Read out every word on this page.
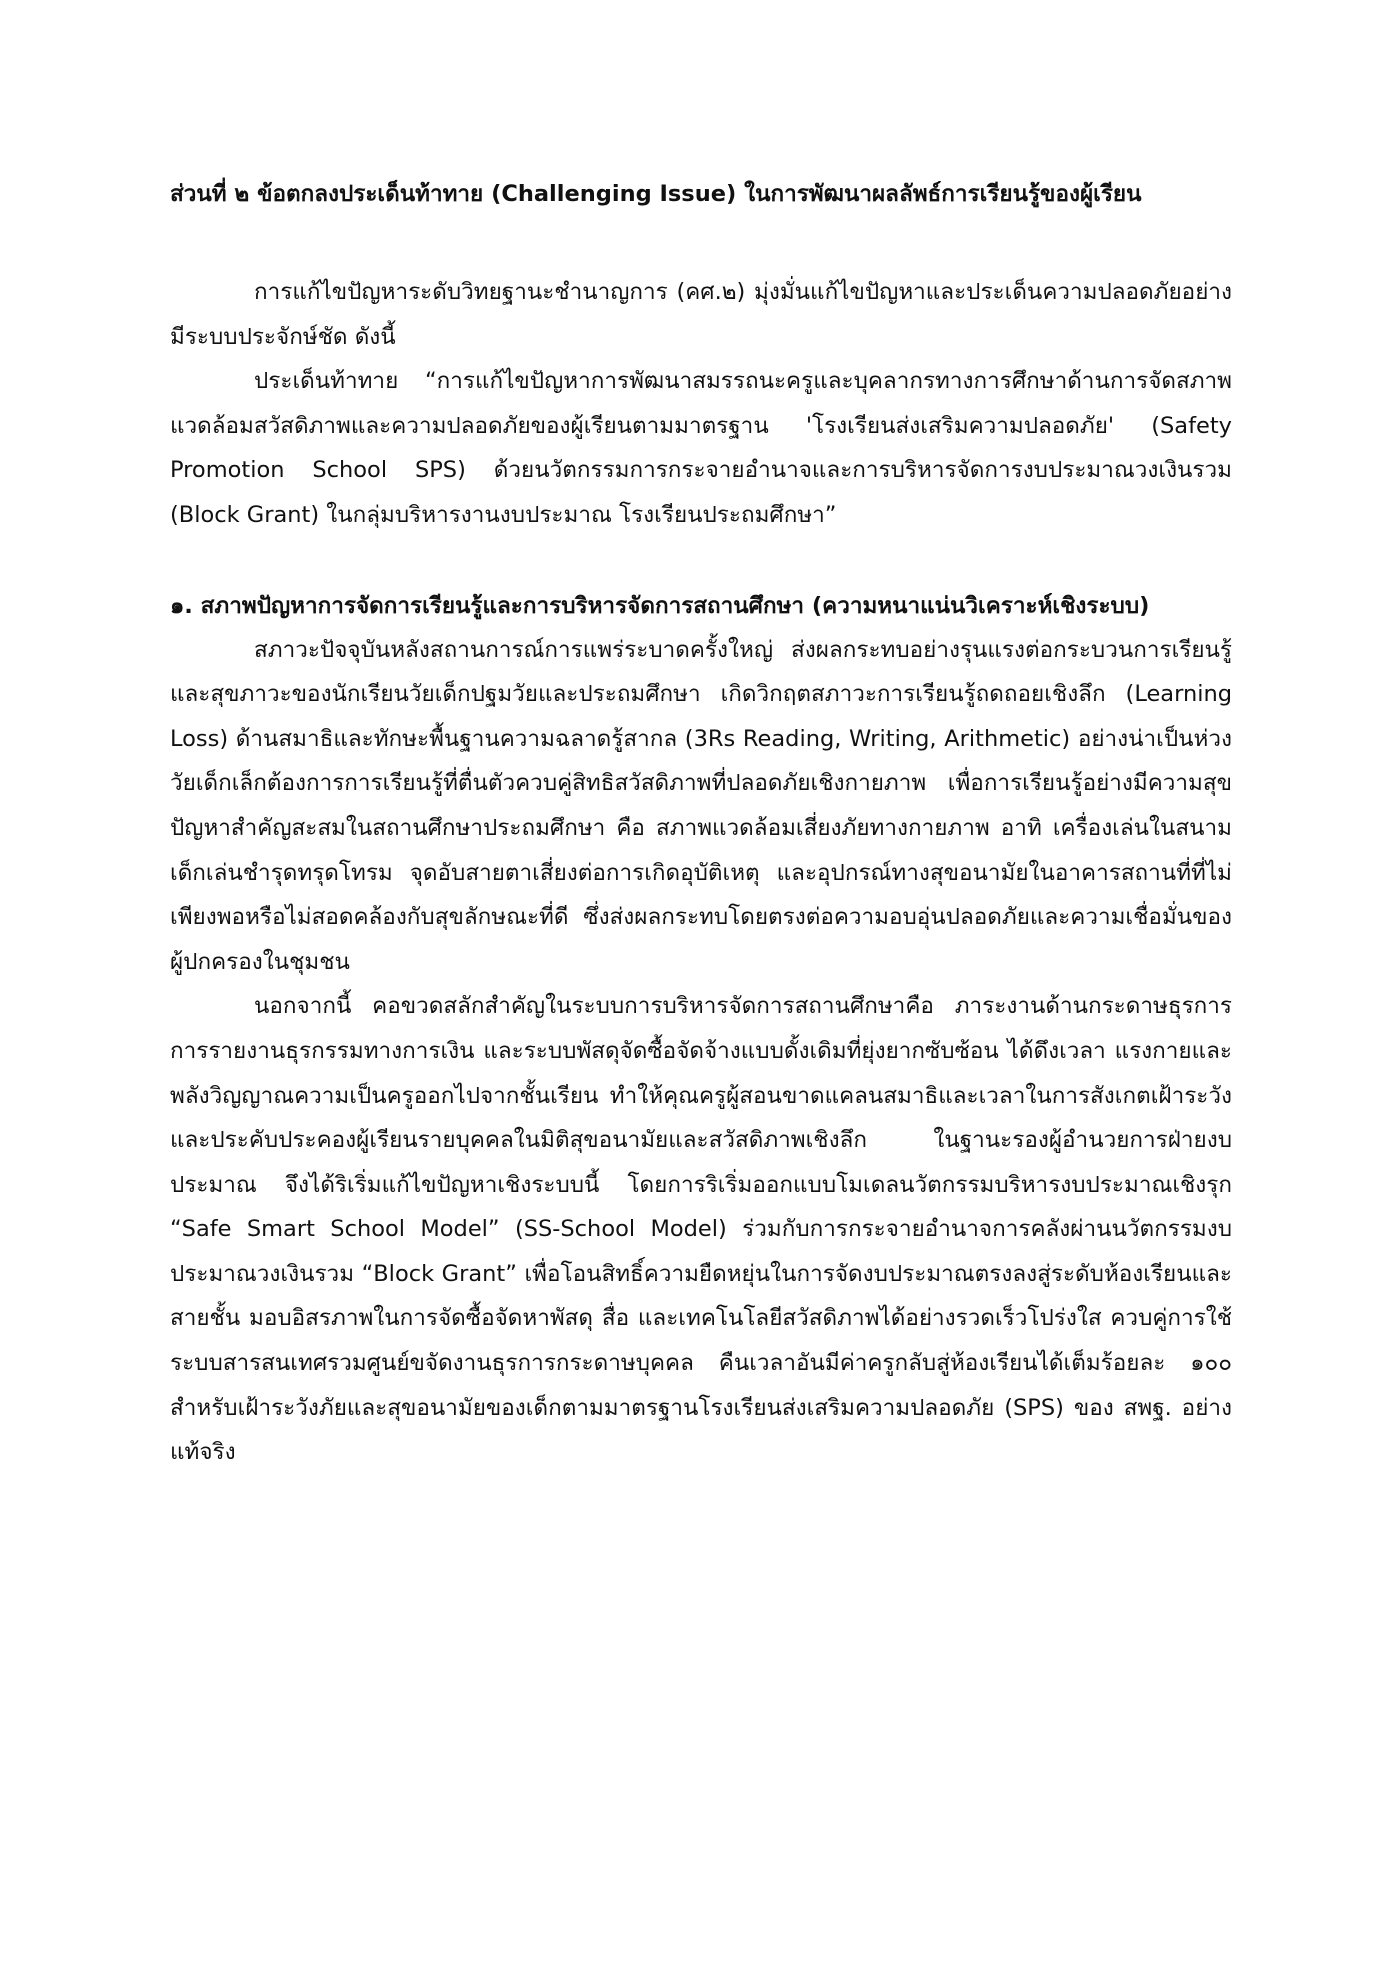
ส่วนที่ ๒ ข้อตกลงประเด็นท้าทาย (Challenging Issue) ในการพัฒนาผลลัพธ์การเรียนรู้ของผู้เรียน

การแก้ไขปัญหาระดับวิทยฐานะชำนาญการ (คศ.๒) มุ่งมั่นแก้ไขปัญหาและประเด็นความปลอดภัยอย่างมีระบบประจักษ์ชัด ดังนี้

ประเด็นท้าทาย “การแก้ไขปัญหาการพัฒนาสมรรถนะครูและบุคลากรทางการศึกษาด้านการจัดสภาพแวดล้อมสวัสดิภาพและความปลอดภัยของผู้เรียนตามมาตรฐาน 'โรงเรียนส่งเสริมความปลอดภัย' (Safety Promotion School SPS) ด้วยนวัตกรรมการกระจายอำนาจและการบริหารจัดการงบประมาณวงเงินรวม (Block Grant) ในกลุ่มบริหารงานงบประมาณ โรงเรียนประถมศึกษา”

๑. สภาพปัญหาการจัดการเรียนรู้และการบริหารจัดการสถานศึกษา (ความหนาแน่นวิเคราะห์เชิงระบบ)

สภาวะปัจจุบันหลังสถานการณ์การแพร่ระบาดครั้งใหญ่ ส่งผลกระทบอย่างรุนแรงต่อกระบวนการเรียนรู้และสุขภาวะของนักเรียนวัยเด็กปฐมวัยและประถมศึกษา เกิดวิกฤตสภาวะการเรียนรู้ถดถอยเชิงลึก (Learning Loss) ด้านสมาธิและทักษะพื้นฐานความฉลาดรู้สากล (3Rs Reading, Writing, Arithmetic) อย่างน่าเป็นห่วง วัยเด็กเล็กต้องการการเรียนรู้ที่ตื่นตัวควบคู่สิทธิสวัสดิภาพที่ปลอดภัยเชิงกายภาพ เพื่อการเรียนรู้อย่างมีความสุข ปัญหาสำคัญสะสมในสถานศึกษาประถมศึกษา คือ สภาพแวดล้อมเสี่ยงภัยทางกายภาพ อาทิ เครื่องเล่นในสนามเด็กเล่นชำรุดทรุดโทรม จุดอับสายตาเสี่ยงต่อการเกิดอุบัติเหตุ และอุปกรณ์ทางสุขอนามัยในอาคารสถานที่ที่ไม่เพียงพอหรือไม่สอดคล้องกับสุขลักษณะที่ดี ซึ่งส่งผลกระทบโดยตรงต่อความอบอุ่นปลอดภัยและความเชื่อมั่นของผู้ปกครองในชุมชน

นอกจากนี้ คอขวดสลักสำคัญในระบบการบริหารจัดการสถานศึกษาคือ ภาระงานด้านกระดาษธุรการการรายงานธุรกรรมทางการเงิน และระบบพัสดุจัดซื้อจัดจ้างแบบดั้งเดิมที่ยุ่งยากซับซ้อน ได้ดึงเวลา แรงกายและพลังวิญญาณความเป็นครูออกไปจากชั้นเรียน ทำให้คุณครูผู้สอนขาดแคลนสมาธิและเวลาในการสังเกตเฝ้าระวัง และประคับประคองผู้เรียนรายบุคคลในมิติสุขอนามัยและสวัสดิภาพเชิงลึก ในฐานะรองผู้อำนวยการฝ่ายงบประมาณ จึงได้ริเริ่มแก้ไขปัญหาเชิงระบบนี้ โดยการริเริ่มออกแบบโมเดลนวัตกรรมบริหารงบประมาณเชิงรุก “Safe Smart School Model” (SS-School Model) ร่วมกับการกระจายอำนาจการคลังผ่านนวัตกรรมงบประมาณวงเงินรวม “Block Grant” เพื่อโอนสิทธิ์ความยืดหยุ่นในการจัดงบประมาณตรงลงสู่ระดับห้องเรียนและสายชั้น มอบอิสรภาพในการจัดซื้อจัดหาพัสดุ สื่อ และเทคโนโลยีสวัสดิภาพได้อย่างรวดเร็วโปร่งใส ควบคู่การใช้ระบบสารสนเทศรวมศูนย์ขจัดงานธุรการกระดาษบุคคล คืนเวลาอันมีค่าครูกลับสู่ห้องเรียนได้เต็มร้อยละ ๑๐๐ สำหรับเฝ้าระวังภัยและสุขอนามัยของเด็กตามมาตรฐานโรงเรียนส่งเสริมความปลอดภัย (SPS) ของ สพฐ. อย่างแท้จริง
